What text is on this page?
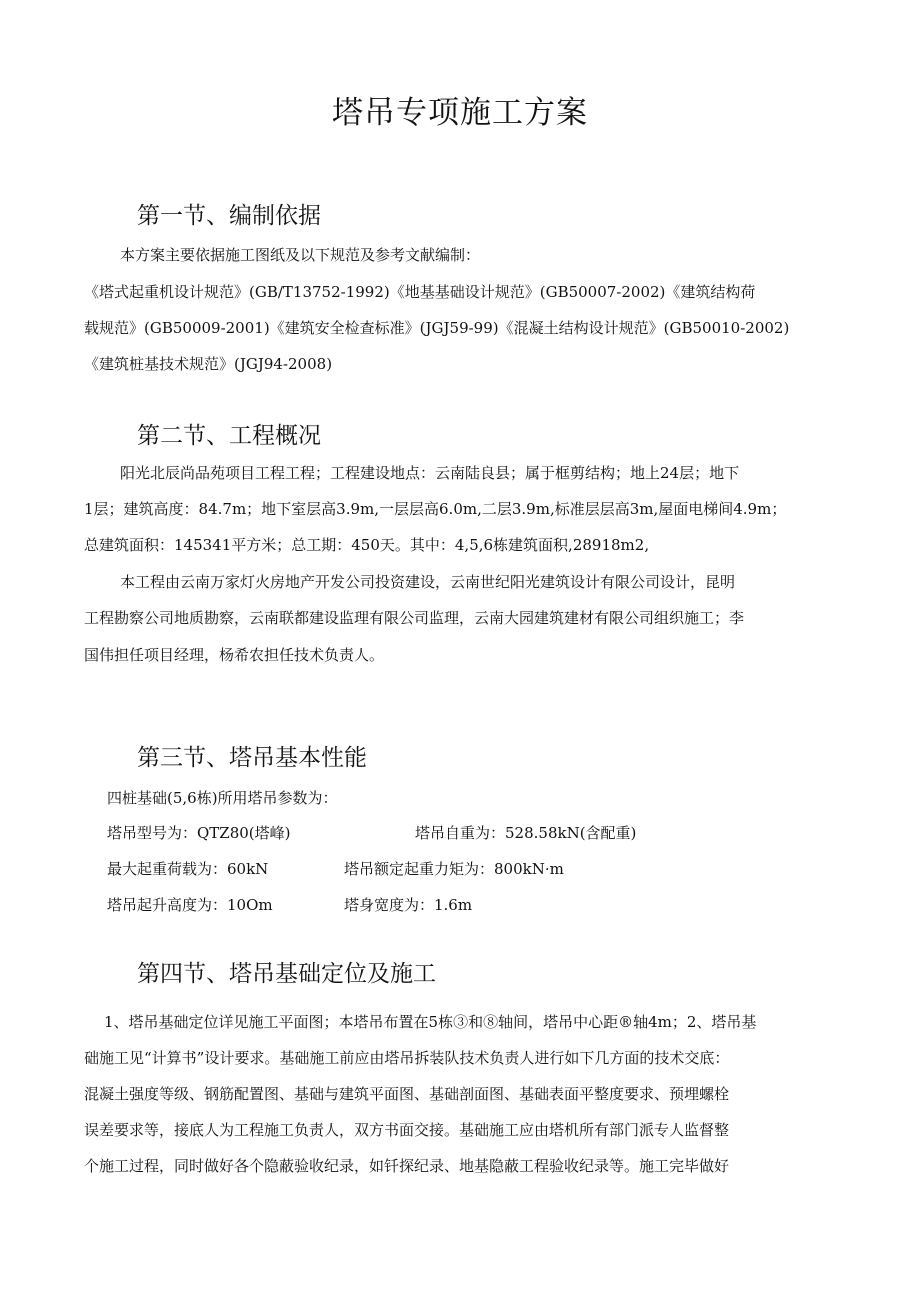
塔吊专项施工方案
第一节、编制依据
本方案主要依据施工图纸及以下规范及参考文献编制：
《塔式起重机设计规范》(GB/T13752-1992)《地基基础设计规范》(GB50007-2002)《建筑结构荷
载规范》(GB50009-2001)《建筑安全检查标准》(JGJ59-99)《混凝土结构设计规范》(GB50010-2002)
《建筑桩基技术规范》(JGJ94-2008)
第二节、工程概况
阳光北辰尚品苑项目工程工程；工程建设地点：云南陆良县；属于框剪结构；地上24层；地下
1层；建筑高度：84.7m；地下室层高3.9m,一层层高6.0m,二层3.9m,标准层层高3m,屋面电梯间4.9m；
总建筑面积：145341平方米；总工期：450天。其中：4,5,6栋建筑面积,28918m2,
本工程由云南万家灯火房地产开发公司投资建设，云南世纪阳光建筑设计有限公司设计，昆明
工程勘察公司地质勘察，云南联都建设监理有限公司监理，云南大园建筑建材有限公司组织施工；李
国伟担任项目经理，杨希农担任技术负责人。
第三节、塔吊基本性能
四桩基础(5,6栋)所用塔吊参数为：
塔吊型号为：QTZ80(塔峰)	塔吊自重为：528.58kN(含配重)
最大起重荷载为：60kN	塔吊额定起重力矩为：800kN·m
塔吊起升高度为：10Om	塔身宽度为：1.6m
第四节、塔吊基础定位及施工
1、塔吊基础定位详见施工平面图；本塔吊布置在5栋③和⑧轴间，塔吊中心距®轴4m；2、塔吊基
础施工见“计算书”设计要求。基础施工前应由塔吊拆装队技术负责人进行如下几方面的技术交底：
混凝土强度等级、钢筋配置图、基础与建筑平面图、基础剖面图、基础表面平整度要求、预埋螺栓
误差要求等，接底人为工程施工负责人，双方书面交接。基础施工应由塔机所有部门派专人监督整
个施工过程，同时做好各个隐蔽验收纪录，如钎探纪录、地基隐蔽工程验收纪录等。施工完毕做好
